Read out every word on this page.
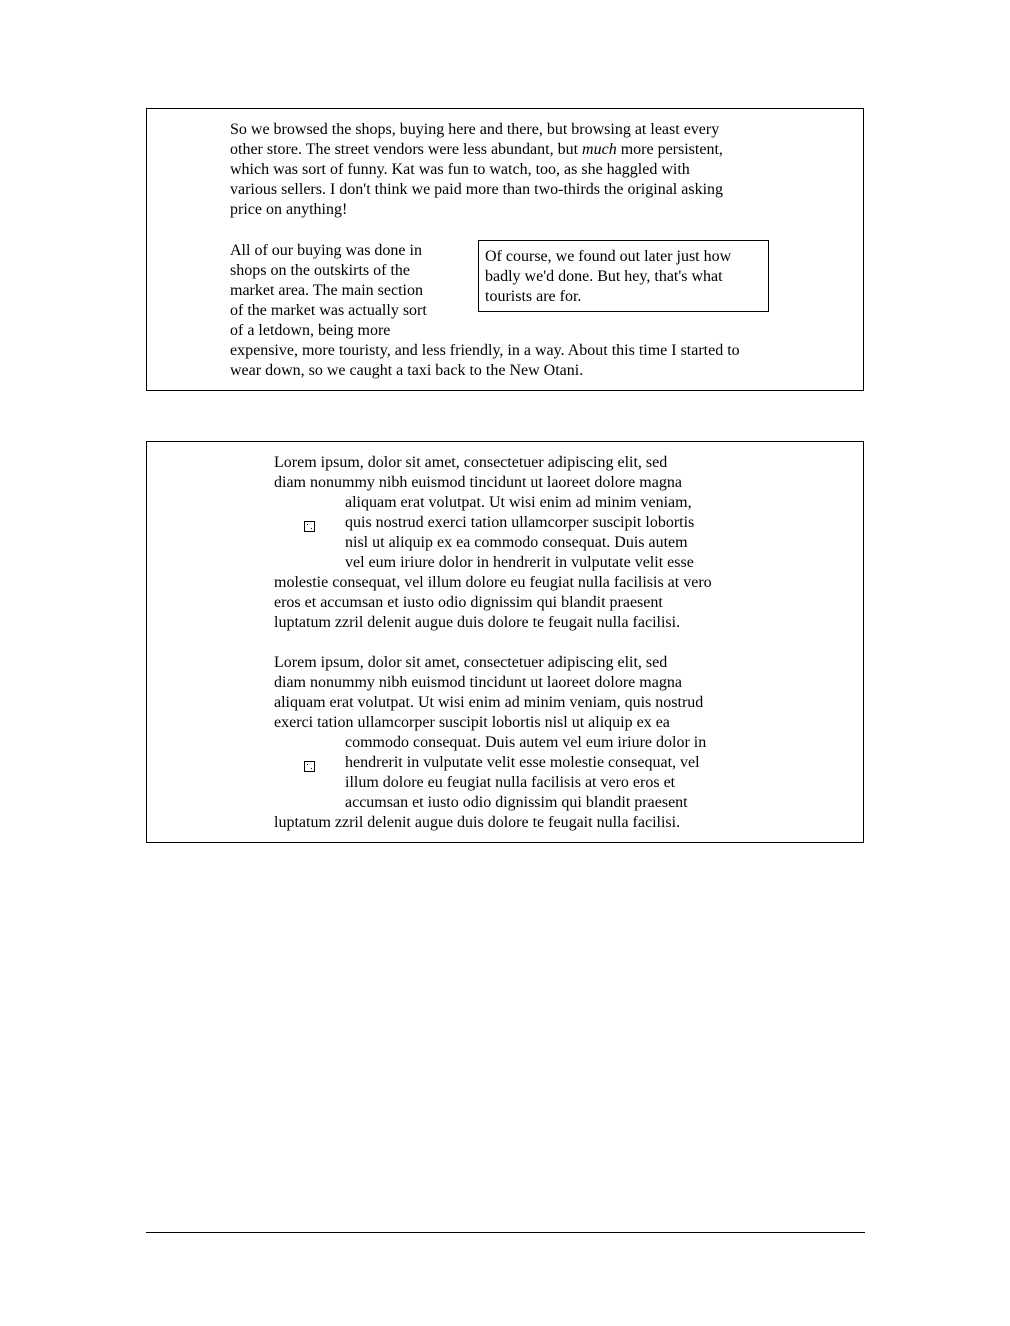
So we browsed the shops, buying here and there, but browsing at least every
other store. The street vendors were less abundant, but much more persistent,
which was sort of funny. Kat was fun to watch, too, as she haggled with
various sellers. I don't think we paid more than two-thirds the original asking
price on anything!
All of our buying was done in
shops on the outskirts of the
market area. The main section
of the market was actually sort
of a letdown, being more
expensive, more touristy, and less friendly, in a way. About this time I started to
wear down, so we caught a taxi back to the New Otani.
Of course, we found out later just how
badly we'd done. But hey, that's what
tourists are for.
Lorem ipsum, dolor sit amet, consectetuer adipiscing elit, sed
diam nonummy nibh euismod tincidunt ut laoreet dolore magna
aliquam erat volutpat. Ut wisi enim ad minim veniam,
quis nostrud exerci tation ullamcorper suscipit lobortis
nisl ut aliquip ex ea commodo consequat. Duis autem
vel eum iriure dolor in hendrerit in vulputate velit esse
molestie consequat, vel illum dolore eu feugiat nulla facilisis at vero
eros et accumsan et iusto odio dignissim qui blandit praesent
luptatum zzril delenit augue duis dolore te feugait nulla facilisi.
Lorem ipsum, dolor sit amet, consectetuer adipiscing elit, sed
diam nonummy nibh euismod tincidunt ut laoreet dolore magna
aliquam erat volutpat. Ut wisi enim ad minim veniam, quis nostrud
exerci tation ullamcorper suscipit lobortis nisl ut aliquip ex ea
commodo consequat. Duis autem vel eum iriure dolor in
hendrerit in vulputate velit esse molestie consequat, vel
illum dolore eu feugiat nulla facilisis at vero eros et
accumsan et iusto odio dignissim qui blandit praesent
luptatum zzril delenit augue duis dolore te feugait nulla facilisi.
